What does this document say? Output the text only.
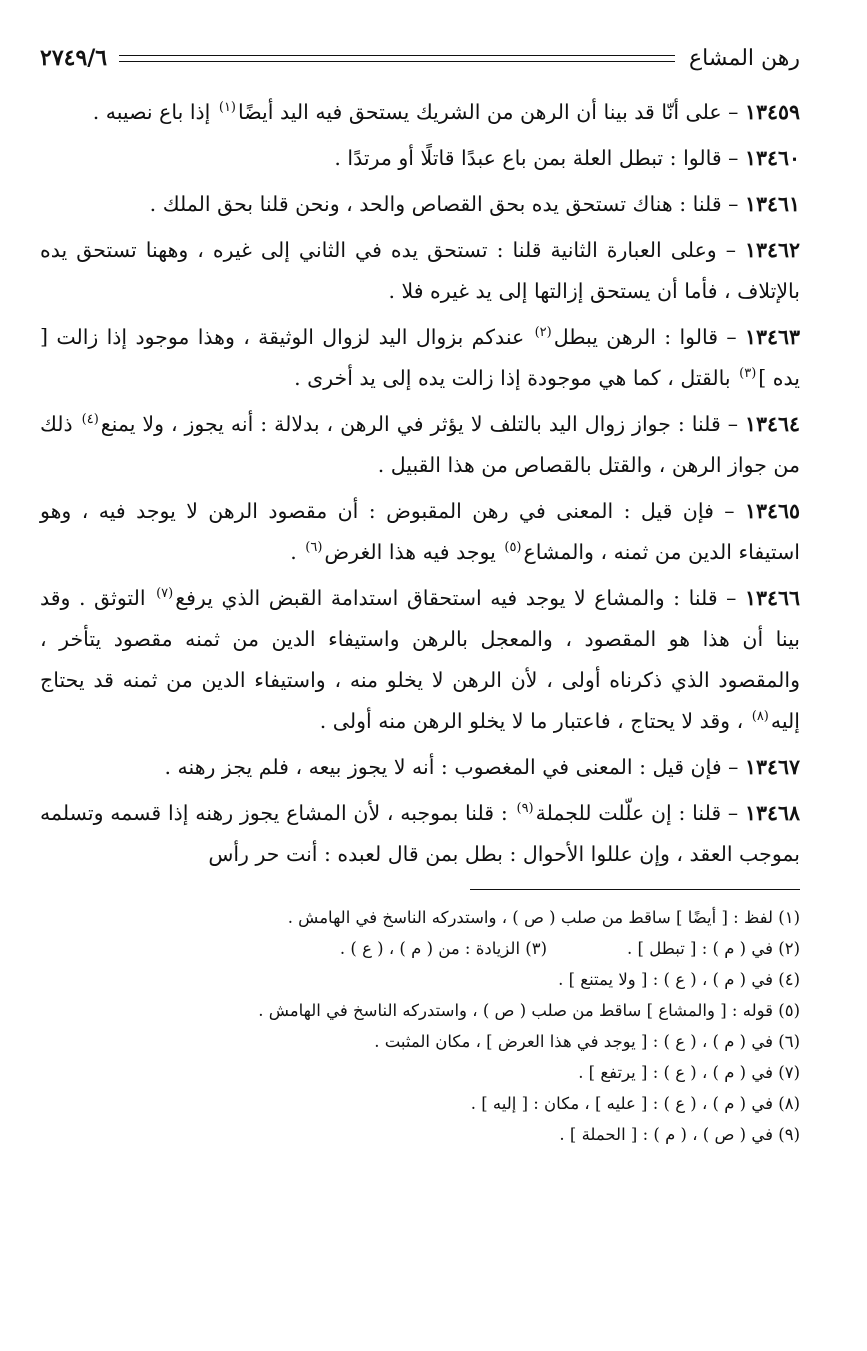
رهن المشاع
٢٧٤٩/٦

١٣٤٥٩ – على أنّا قد بينا أن الرهن من الشريك يستحق فيه اليد أيضًا$^{(١)}$ إذا باع نصيبه .

١٣٤٦٠ – قالوا : تبطل العلة بمن باع عبدًا قاتلًا أو مرتدًا .

١٣٤٦١ – قلنا : هناك تستحق يده بحق القصاص والحد ، ونحن قلنا بحق الملك .

١٣٤٦٢ – وعلى العبارة الثانية قلنا : تستحق يده في الثاني إلى غيره ، وههنا تستحق يده بالإتلاف ، فأما أن يستحق إزالتها إلى يد غيره فلا .

١٣٤٦٣ – قالوا : الرهن يبطل$^{(٢)}$ عندكم بزوال اليد لزوال الوثيقة ، وهذا موجود إذا زالت [ يده ]$^{(٣)}$ بالقتل ، كما هي موجودة إذا زالت يده إلى يد أخرى .

١٣٤٦٤ – قلنا : جواز زوال اليد بالتلف لا يؤثر في الرهن ، بدلالة : أنه يجوز ، ولا يمنع$^{(٤)}$ ذلك من جواز الرهن ، والقتل بالقصاص من هذا القبيل .

١٣٤٦٥ – فإن قيل : المعنى في رهن المقبوض : أن مقصود الرهن لا يوجد فيه ، وهو استيفاء الدين من ثمنه ، والمشاع$^{(٥)}$ يوجد فيه هذا الغرض$^{(٦)}$ .

١٣٤٦٦ – قلنا : والمشاع لا يوجد فيه استحقاق استدامة القبض الذي يرفع$^{(٧)}$ التوثق . وقد بينا أن هذا هو المقصود ، والمعجل بالرهن واستيفاء الدين من ثمنه مقصود يتأخر ، والمقصود الذي ذكرناه أولى ، لأن الرهن لا يخلو منه ، واستيفاء الدين من ثمنه قد يحتاج إليه$^{(٨)}$ ، وقد لا يحتاج ، فاعتبار ما لا يخلو الرهن منه أولى .

١٣٤٦٧ – فإن قيل : المعنى في المغصوب : أنه لا يجوز بيعه ، فلم يجز رهنه .

١٣٤٦٨ – قلنا : إن علّلت للجملة$^{(٩)}$ : قلنا بموجبه ، لأن المشاع يجوز رهنه إذا قسمه وتسلمه بموجب العقد ، وإن عللوا الأحوال : بطل بمن قال لعبده : أنت حر رأس

(١) لفظ : [ أيضًا ] ساقط من صلب ( ص ) ، واستدركه الناسخ في الهامش .
(٢) في ( م ) : [ تبطل ] .
(٣) الزيادة : من ( م ) ، ( ع ) .
(٤) في ( م ) ، ( ع ) : [ ولا يمتنع ] .
(٥) قوله : [ والمشاع ] ساقط من صلب ( ص ) ، واستدركه الناسخ في الهامش .
(٦) في ( م ) ، ( ع ) : [ يوجد في هذا العرض ] ، مكان المثبت .
(٧) في ( م ) ، ( ع ) : [ يرتفع ] .
(٨) في ( م ) ، ( ع ) : [ عليه ] ، مكان : [ إليه ] .
(٩) في ( ص ) ، ( م ) : [ الحملة ] .
